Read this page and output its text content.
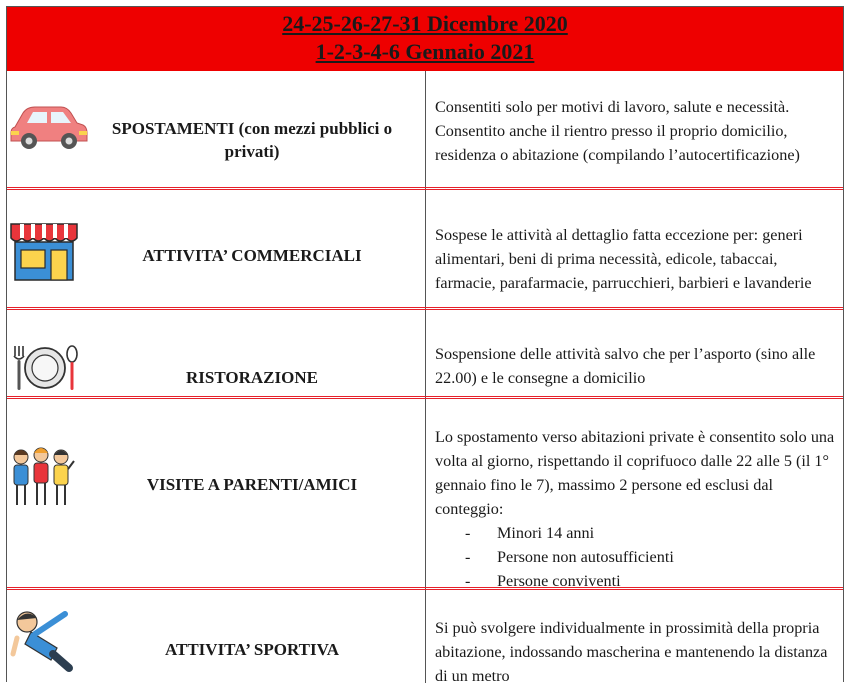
24-25-26-27-31 Dicembre 2020
1-2-3-4-6 Gennaio 2021
SPOSTAMENTI (con mezzi pubblici o privati)
Consentiti solo per motivi di lavoro, salute e necessità. Consentito anche il rientro presso il proprio domicilio, residenza o abitazione (compilando l’autocertificazione)
ATTIVITA’ COMMERCIALI
Sospese le attività al dettaglio fatta eccezione per: generi alimentari, beni di prima necessità, edicole, tabaccai, farmacie, parafarmacie, parrucchieri, barbieri e lavanderie
RISTORAZIONE
Sospensione delle attività salvo che per l’asporto (sino alle 22.00) e le consegne a domicilio
VISITE A PARENTI/AMICI
Lo spostamento verso abitazioni private è consentito solo una volta al giorno, rispettando il coprifuoco dalle 22 alle 5 (il 1° gennaio fino le 7), massimo 2 persone ed esclusi dal conteggio:
- Minori 14 anni
- Persone non autosufficienti
- Persone conviventi
ATTIVITA’ SPORTIVA
Si può svolgere individualmente in prossimità della propria abitazione, indossando mascherina e mantenendo la distanza di un metro
